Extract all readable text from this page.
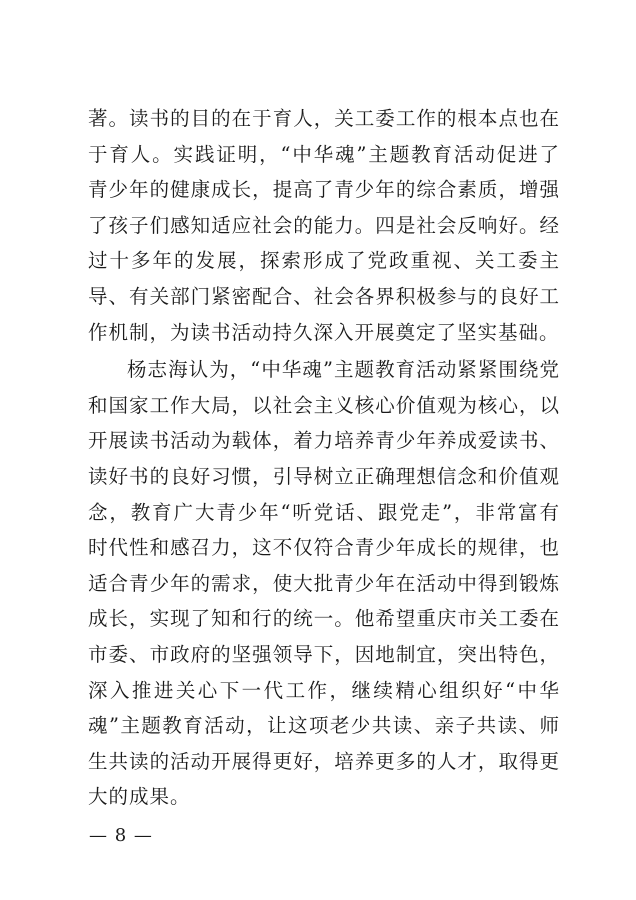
著。读书的目的在于育人，关工委工作的根本点也在于育人。实践证明，“中华魂”主题教育活动促进了青少年的健康成长，提高了青少年的综合素质，增强了孩子们感知适应社会的能力。四是社会反响好。经过十多年的发展，探索形成了党政重视、关工委主导、有关部门紧密配合、社会各界积极参与的良好工作机制，为读书活动持久深入开展奠定了坚实基础。

杨志海认为，“中华魂”主题教育活动紧紧围绕党和国家工作大局，以社会主义核心价值观为核心，以开展读书活动为载体，着力培养青少年养成爱读书、读好书的良好习惯，引导树立正确理想信念和价值观念，教育广大青少年“听党话、跟党走”，非常富有时代性和感召力，这不仅符合青少年成长的规律，也适合青少年的需求，使大批青少年在活动中得到锻炼成长，实现了知和行的统一。他希望重庆市关工委在市委、市政府的坚强领导下，因地制宜，突出特色，深入推进关心下一代工作，继续精心组织好“中华魂”主题教育活动，让这项老少共读、亲子共读、师生共读的活动开展得更好，培养更多的人才，取得更大的成果。

— 8 —
